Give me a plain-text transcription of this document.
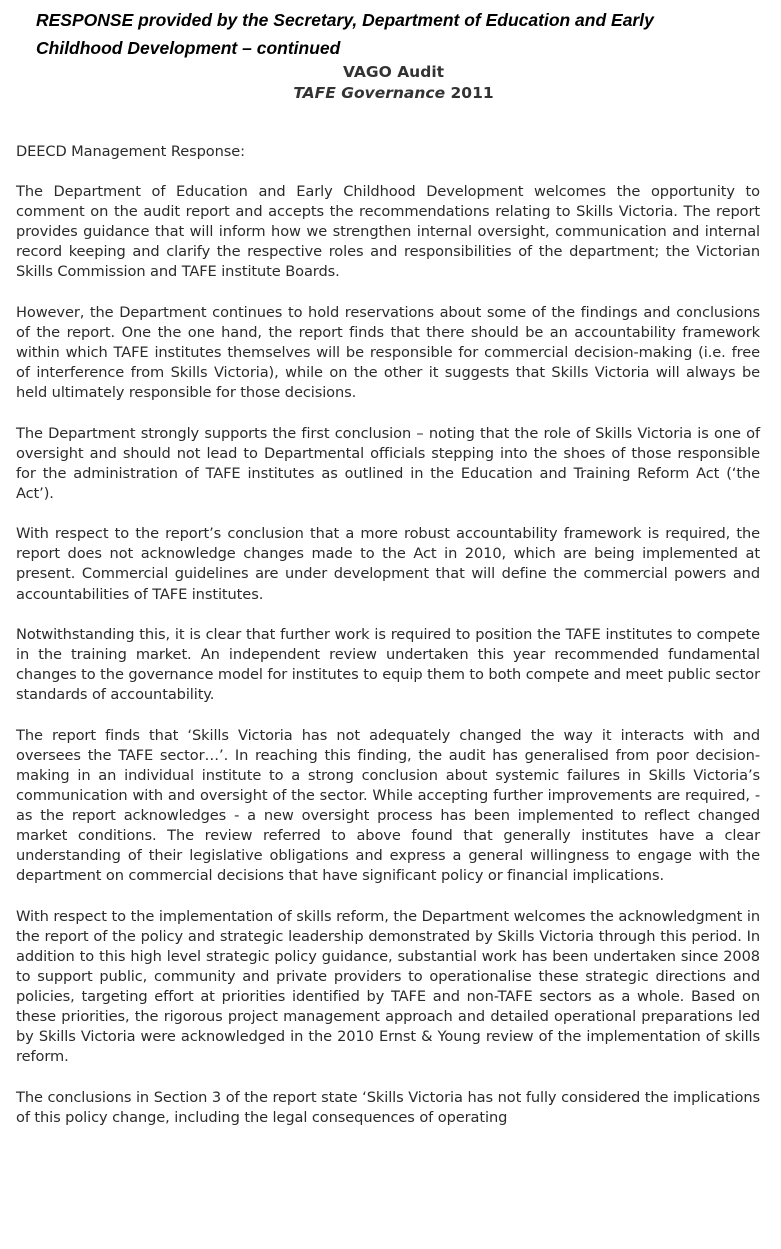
RESPONSE provided by the Secretary, Department of Education and Early
Childhood Development – continued
VAGO Audit
TAFE Governance 2011
DEECD Management Response:

The Department of Education and Early Childhood Development welcomes the opportunity to comment on the audit report and accepts the recommendations relating to Skills Victoria. The report provides guidance that will inform how we strengthen internal oversight, communication and internal record keeping and clarify the respective roles and responsibilities of the department; the Victorian Skills Commission and TAFE institute Boards.

However, the Department continues to hold reservations about some of the findings and conclusions of the report. One the one hand, the report finds that there should be an accountability framework within which TAFE institutes themselves will be responsible for commercial decision-making (i.e. free of interference from Skills Victoria), while on the other it suggests that Skills Victoria will always be held ultimately responsible for those decisions.

The Department strongly supports the first conclusion – noting that the role of Skills Victoria is one of oversight and should not lead to Departmental officials stepping into the shoes of those responsible for the administration of TAFE institutes as outlined in the Education and Training Reform Act (‘the Act’).

With respect to the report’s conclusion that a more robust accountability framework is required, the report does not acknowledge changes made to the Act in 2010, which are being implemented at present. Commercial guidelines are under development that will define the commercial powers and accountabilities of TAFE institutes.

Notwithstanding this, it is clear that further work is required to position the TAFE institutes to compete in the training market. An independent review undertaken this year recommended fundamental changes to the governance model for institutes to equip them to both compete and meet public sector standards of accountability.

The report finds that ‘Skills Victoria has not adequately changed the way it interacts with and oversees the TAFE sector…’. In reaching this finding, the audit has generalised from poor decision-making in an individual institute to a strong conclusion about systemic failures in Skills Victoria’s communication with and oversight of the sector. While accepting further improvements are required, - as the report acknowledges - a new oversight process has been implemented to reflect changed market conditions. The review referred to above found that generally institutes have a clear understanding of their legislative obligations and express a general willingness to engage with the department on commercial decisions that have significant policy or financial implications.

With respect to the implementation of skills reform, the Department welcomes the acknowledgment in the report of the policy and strategic leadership demonstrated by Skills Victoria through this period. In addition to this high level strategic policy guidance, substantial work has been undertaken since 2008 to support public, community and private providers to operationalise these strategic directions and policies, targeting effort at priorities identified by TAFE and non-TAFE sectors as a whole. Based on these priorities, the rigorous project management approach and detailed operational preparations led by Skills Victoria were acknowledged in the 2010 Ernst & Young review of the implementation of skills reform.

The conclusions in Section 3 of the report state ‘Skills Victoria has not fully considered the implications of this policy change, including the legal consequences of operating
